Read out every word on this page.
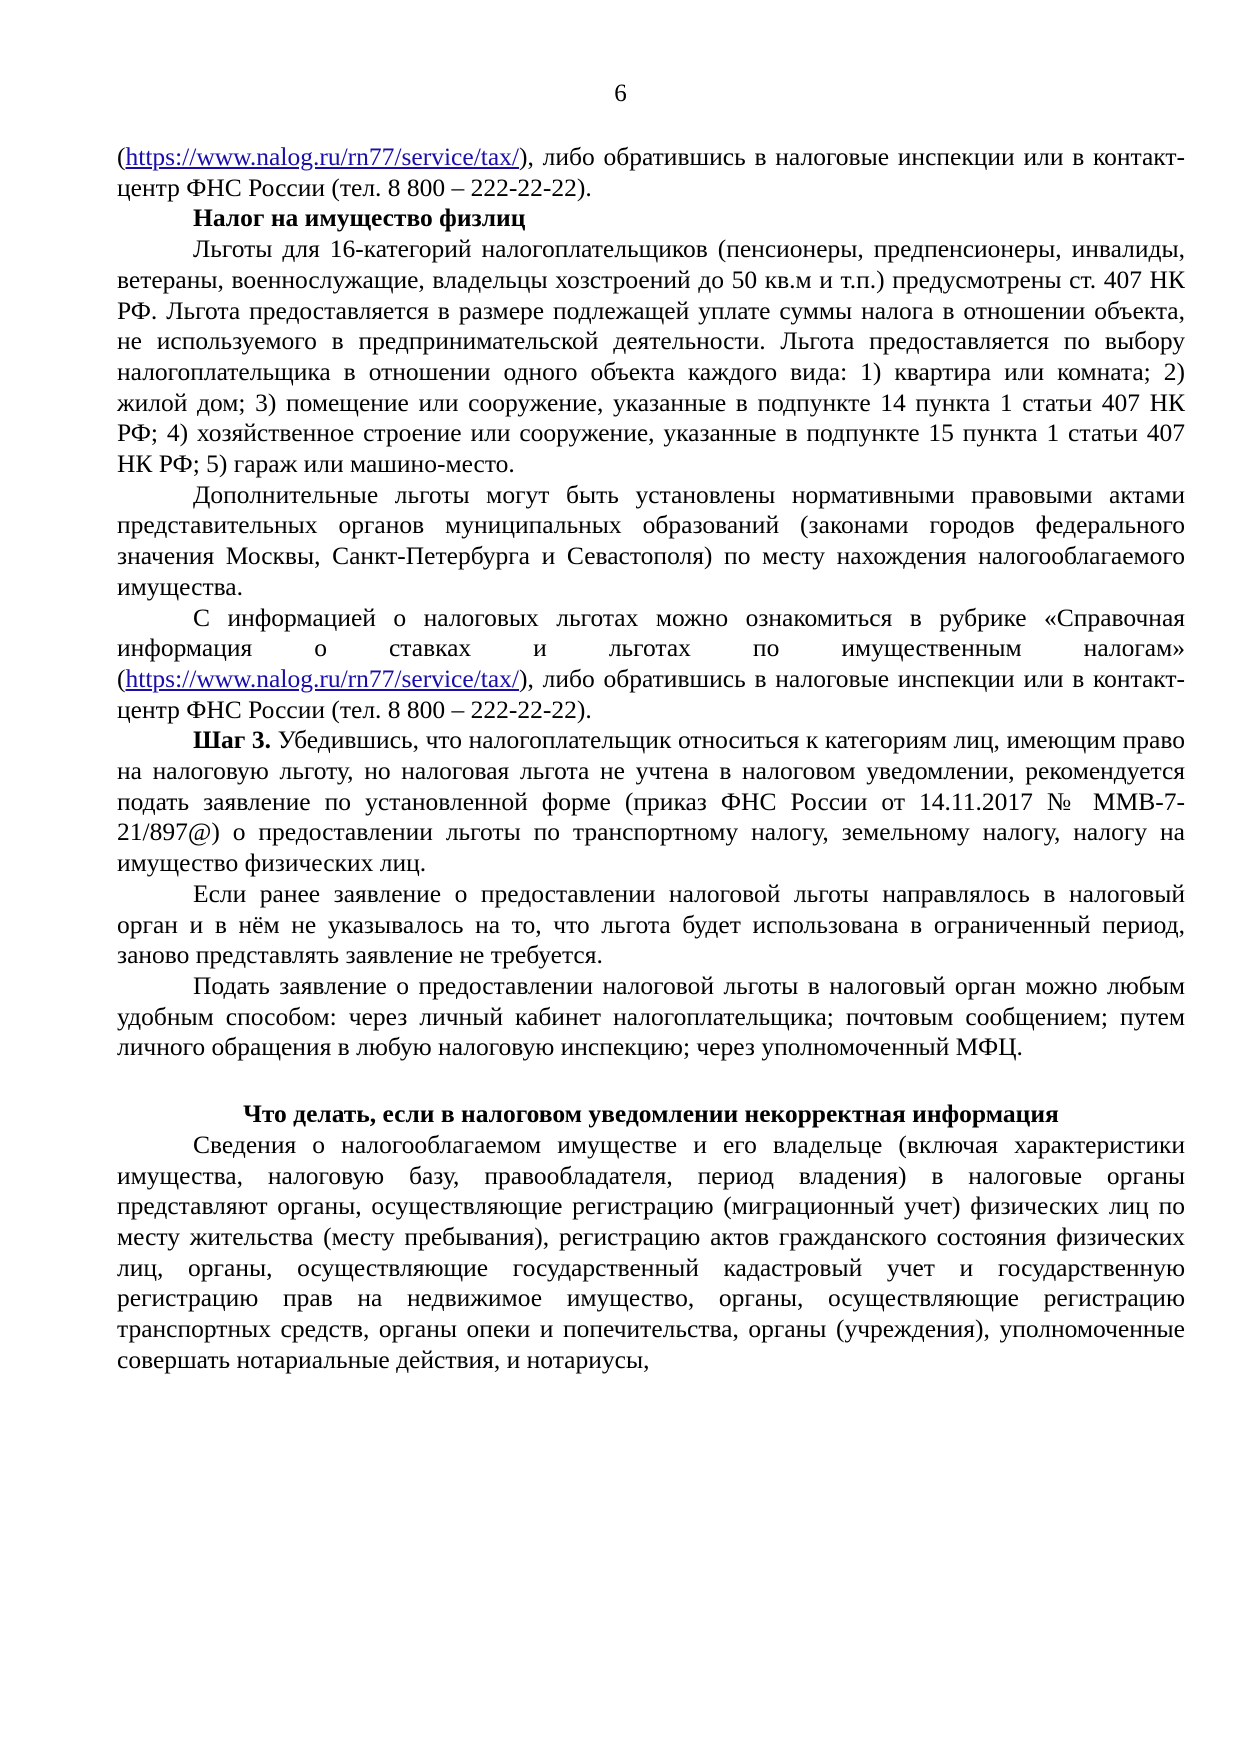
6

(https://www.nalog.ru/rn77/service/tax/), либо обратившись в налоговые инспекции или в контакт-центр ФНС России (тел. 8 800 – 222-22-22).

Налог на имущество физлиц

Льготы для 16-категорий налогоплательщиков (пенсионеры, предпенсионеры, инвалиды, ветераны, военнослужащие, владельцы хозстроений до 50 кв.м и т.п.) предусмотрены ст. 407 НК РФ. Льгота предоставляется в размере подлежащей уплате суммы налога в отношении объекта, не используемого в предпринимательской деятельности. Льгота предоставляется по выбору налогоплательщика в отношении одного объекта каждого вида: 1) квартира или комната; 2) жилой дом; 3) помещение или сооружение, указанные в подпункте 14 пункта 1 статьи 407 НК РФ; 4) хозяйственное строение или сооружение, указанные в подпункте 15 пункта 1 статьи 407 НК РФ; 5) гараж или машино-место.

Дополнительные льготы могут быть установлены нормативными правовыми актами представительных органов муниципальных образований (законами городов федерального значения Москвы, Санкт-Петербурга и Севастополя) по месту нахождения налогооблагаемого имущества.

С информацией о налоговых льготах можно ознакомиться в рубрике «Справочная информация о ставках и льготах по имущественным налогам» (https://www.nalog.ru/rn77/service/tax/), либо обратившись в налоговые инспекции или в контакт-центр ФНС России (тел. 8 800 – 222-22-22).

Шаг 3. Убедившись, что налогоплательщик относиться к категориям лиц, имеющим право на налоговую льготу, но налоговая льгота не учтена в налоговом уведомлении, рекомендуется подать заявление по установленной форме (приказ ФНС России от 14.11.2017 № ММВ-7-21/897@) о предоставлении льготы по транспортному налогу, земельному налогу, налогу на имущество физических лиц.

Если ранее заявление о предоставлении налоговой льготы направлялось в налоговый орган и в нём не указывалось на то, что льгота будет использована в ограниченный период, заново представлять заявление не требуется.

Подать заявление о предоставлении налоговой льготы в налоговый орган можно любым удобным способом: через личный кабинет налогоплательщика; почтовым сообщением; путем личного обращения в любую налоговую инспекцию; через уполномоченный МФЦ.

Что делать, если в налоговом уведомлении некорректная информация

Сведения о налогооблагаемом имуществе и его владельце (включая характеристики имущества, налоговую базу, правообладателя, период владения) в налоговые органы представляют органы, осуществляющие регистрацию (миграционный учет) физических лиц по месту жительства (месту пребывания), регистрацию актов гражданского состояния физических лиц, органы, осуществляющие государственный кадастровый учет и государственную регистрацию прав на недвижимое имущество, органы, осуществляющие регистрацию транспортных средств, органы опеки и попечительства, органы (учреждения), уполномоченные совершать нотариальные действия, и нотариусы,
